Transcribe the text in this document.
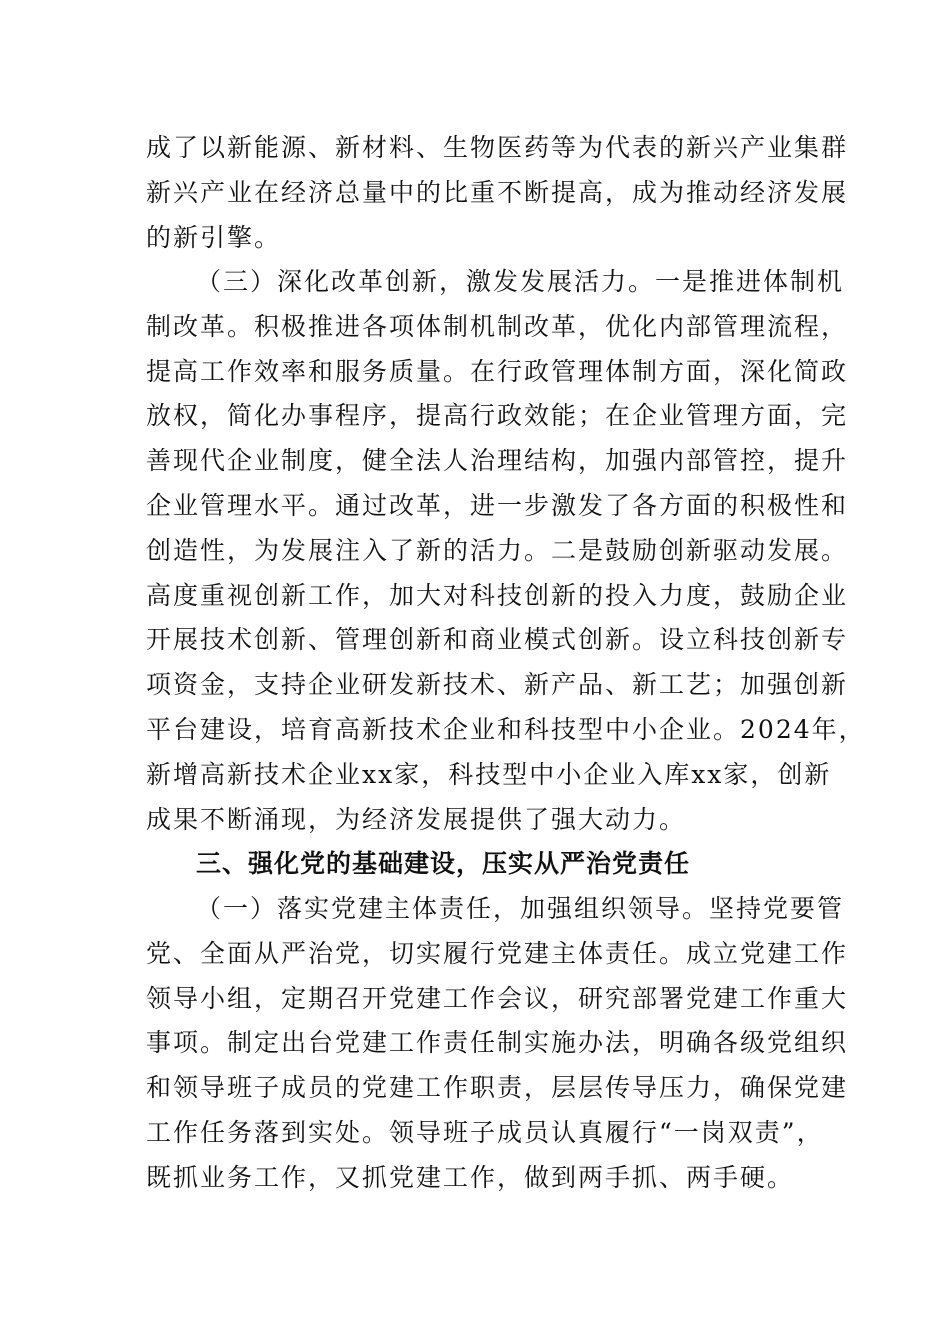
成了以新能源、新材料、生物医药等为代表的新兴产业集群
新兴产业在经济总量中的比重不断提高，成为推动经济发展
的新引擎。
（三）深化改革创新，激发发展活力。一是推进体制机
制改革。积极推进各项体制机制改革，优化内部管理流程，
提高工作效率和服务质量。在行政管理体制方面，深化简政
放权，简化办事程序，提高行政效能；在企业管理方面，完
善现代企业制度，健全法人治理结构，加强内部管控，提升
企业管理水平。通过改革，进一步激发了各方面的积极性和
创造性，为发展注入了新的活力。二是鼓励创新驱动发展。
高度重视创新工作，加大对科技创新的投入力度，鼓励企业
开展技术创新、管理创新和商业模式创新。设立科技创新专
项资金，支持企业研发新技术、新产品、新工艺；加强创新
平台建设，培育高新技术企业和科技型中小企业。2024年，
新增高新技术企业xx家，科技型中小企业入库xx家，创新
成果不断涌现，为经济发展提供了强大动力。
三、强化党的基础建设，压实从严治党责任
（一）落实党建主体责任，加强组织领导。坚持党要管
党、全面从严治党，切实履行党建主体责任。成立党建工作
领导小组，定期召开党建工作会议，研究部署党建工作重大
事项。制定出台党建工作责任制实施办法，明确各级党组织
和领导班子成员的党建工作职责，层层传导压力，确保党建
工作任务落到实处。领导班子成员认真履行“一岗双责”，
既抓业务工作，又抓党建工作，做到两手抓、两手硬。
